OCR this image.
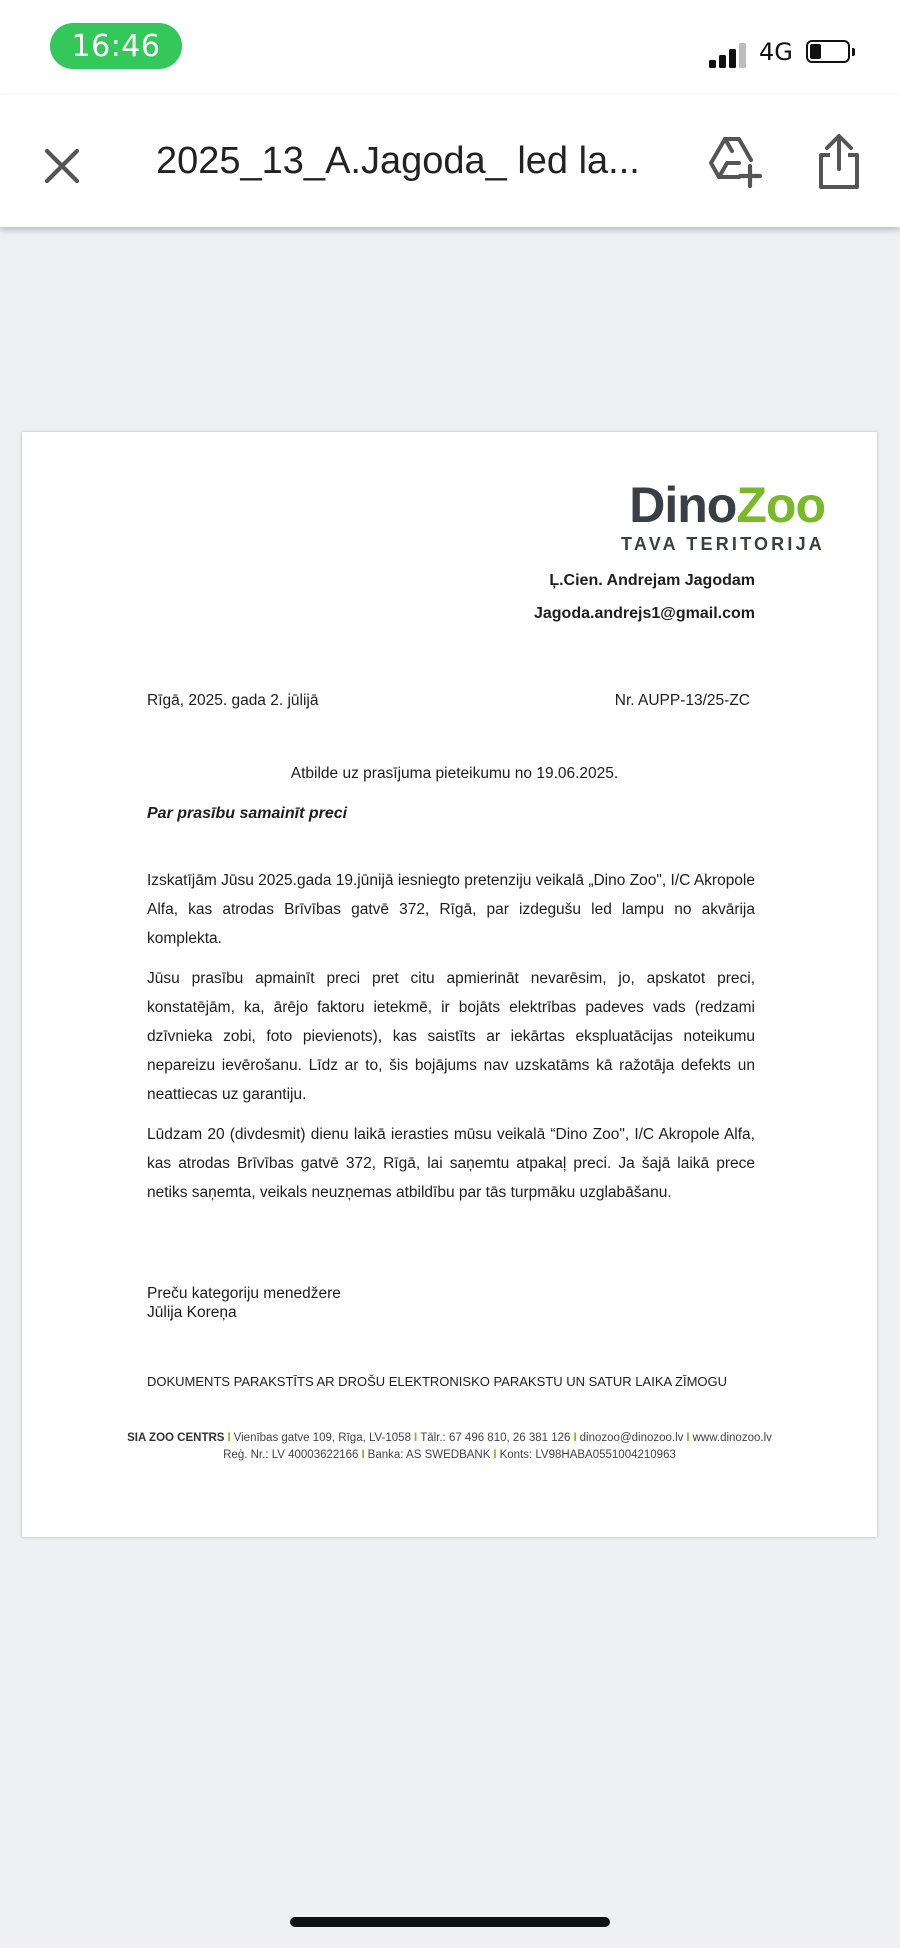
16:46	4G
2025_13_A.Jagoda_ led la...
DinoZoo
TAVA TERITORIJA
Ļ.Cien. Andrejam Jagodam
Jagoda.andrejs1@gmail.com
Rīgā, 2025. gada 2. jūlijā	Nr. AUPP-13/25-ZC
Atbilde uz prasījuma pieteikumu no 19.06.2025.
Par prasību samainīt preci

Izskatījām Jūsu 2025.gada 19.jūnijā iesniegto pretenziju veikalā „Dino Zoo", I/C Akropole Alfa, kas atrodas Brīvības gatvē 372, Rīgā, par izdegušu led lampu no akvārija komplekta.

Jūsu prasību apmainīt preci pret citu apmierināt nevarēsim, jo, apskatot preci, konstatējām, ka, ārējo faktoru ietekmē, ir bojāts elektrības padeves vads (redzami dzīvnieka zobi, foto pievienots), kas saistīts ar iekārtas ekspluatācijas noteikumu nepareizu ievērošanu. Līdz ar to, šis bojājums nav uzskatāms kā ražotāja defekts un neattiecas uz garantiju.

Lūdzam 20 (divdesmit) dienu laikā ierasties mūsu veikalā “Dino Zoo", I/C Akropole Alfa, kas atrodas Brīvības gatvē 372, Rīgā, lai saņemtu atpakaļ preci. Ja šajā laikā prece netiks saņemta, veikals neuzņemas atbildību par tās turpmāku uzglabāšanu.

Preču kategoriju menedžere
Jūlija Koreņa
DOKUMENTS PARAKSTĪTS AR DROŠU ELEKTRONISKO PARAKSTU UN SATUR LAIKA ZĪMOGU
SIA ZOO CENTRS I Vienības gatve 109, Rīga, LV-1058 I Tālr.: 67 496 810, 26 381 126 I dinozoo@dinozoo.lv I www.dinozoo.lv
Reģ. Nr.: LV 40003622166 I Banka: AS SWEDBANK I Konts: LV98HABA0551004210963
